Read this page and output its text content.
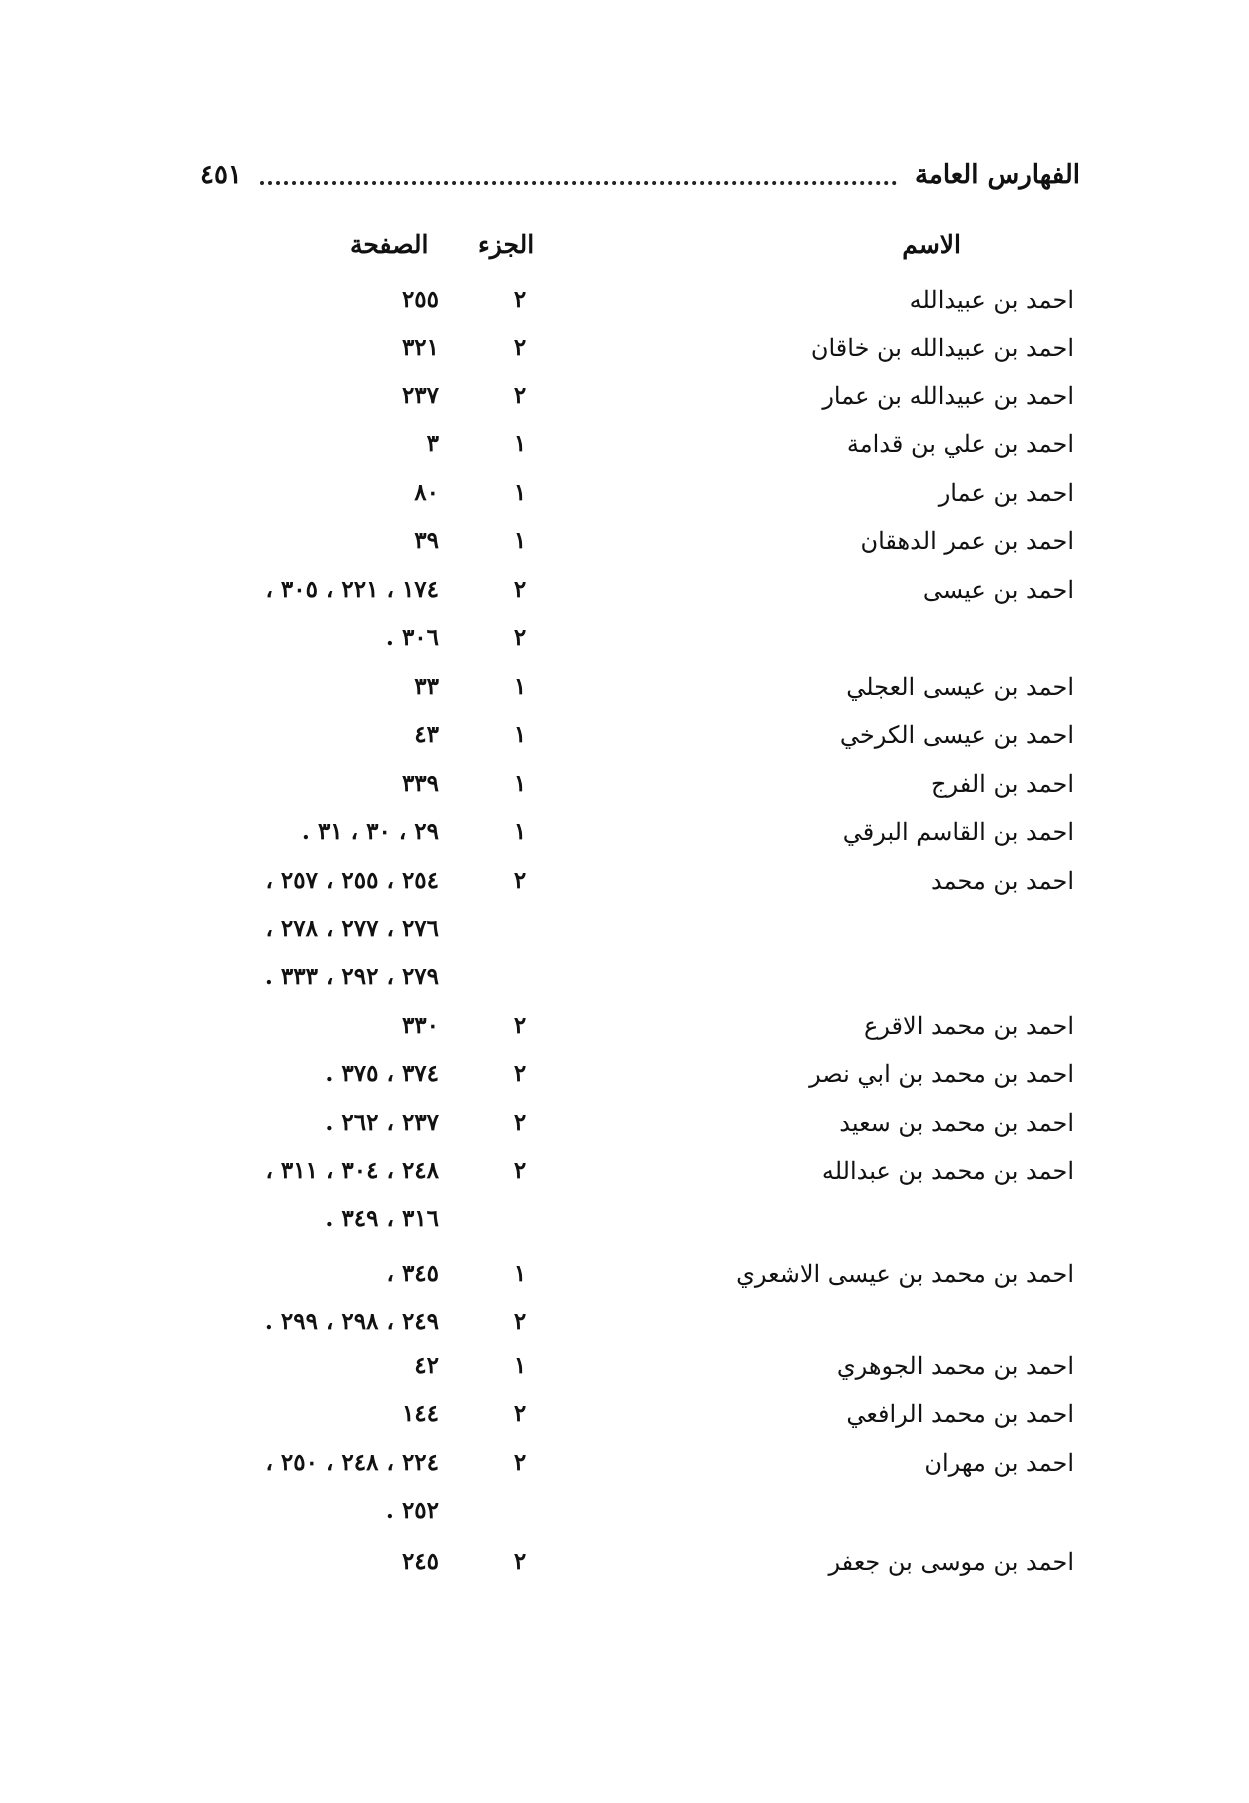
٤٥١	الفهارس العامة
الاسم
الجزء
الصفحة
احمد بن عبيدالله
٢
٢٥٥
احمد بن عبيدالله بن خاقان
٢
٣٢١
احمد بن عبيدالله بن عمار
٢
٢٣٧
احمد بن علي بن قدامة
١
٣
احمد بن عمار
١
٨٠
احمد بن عمر الدهقان
١
٣٩
احمد بن عيسى
٢
١٧٤ ، ٢٢١ ، ٣٠٥ ،
٢
٣٠٦ .
احمد بن عيسى العجلي
١
٣٣
احمد بن عيسى الكرخي
١
٤٣
احمد بن الفرج
١
٣٣٩
احمد بن القاسم البرقي
١
٢٩ ، ٣٠ ، ٣١ .
احمد بن محمد
٢
٢٥٤ ، ٢٥٥ ، ٢٥٧ ،
٢٧٦ ، ٢٧٧ ، ٢٧٨ ،
٢٧٩ ، ٢٩٢ ، ٣٣٣ .
احمد بن محمد الاقرع
٢
٣٣٠
احمد بن محمد بن ابي نصر
٢
٣٧٤ ، ٣٧٥ .
احمد بن محمد بن سعيد
٢
٢٣٧ ، ٢٦٢ .
احمد بن محمد بن عبدالله
٢
٢٤٨ ، ٣٠٤ ، ٣١١ ،
٣١٦ ، ٣٤٩ .
احمد بن محمد بن عيسى الاشعري
١
٣٤٥ ،
٢
٢٤٩ ، ٢٩٨ ، ٢٩٩ .
احمد بن محمد الجوهري
١
٤٢
احمد بن محمد الرافعي
٢
١٤٤
احمد بن مهران
٢
٢٢٤ ، ٢٤٨ ، ٢٥٠ ،
٢٥٢ .
احمد بن موسى بن جعفر
٢
٢٤٥
